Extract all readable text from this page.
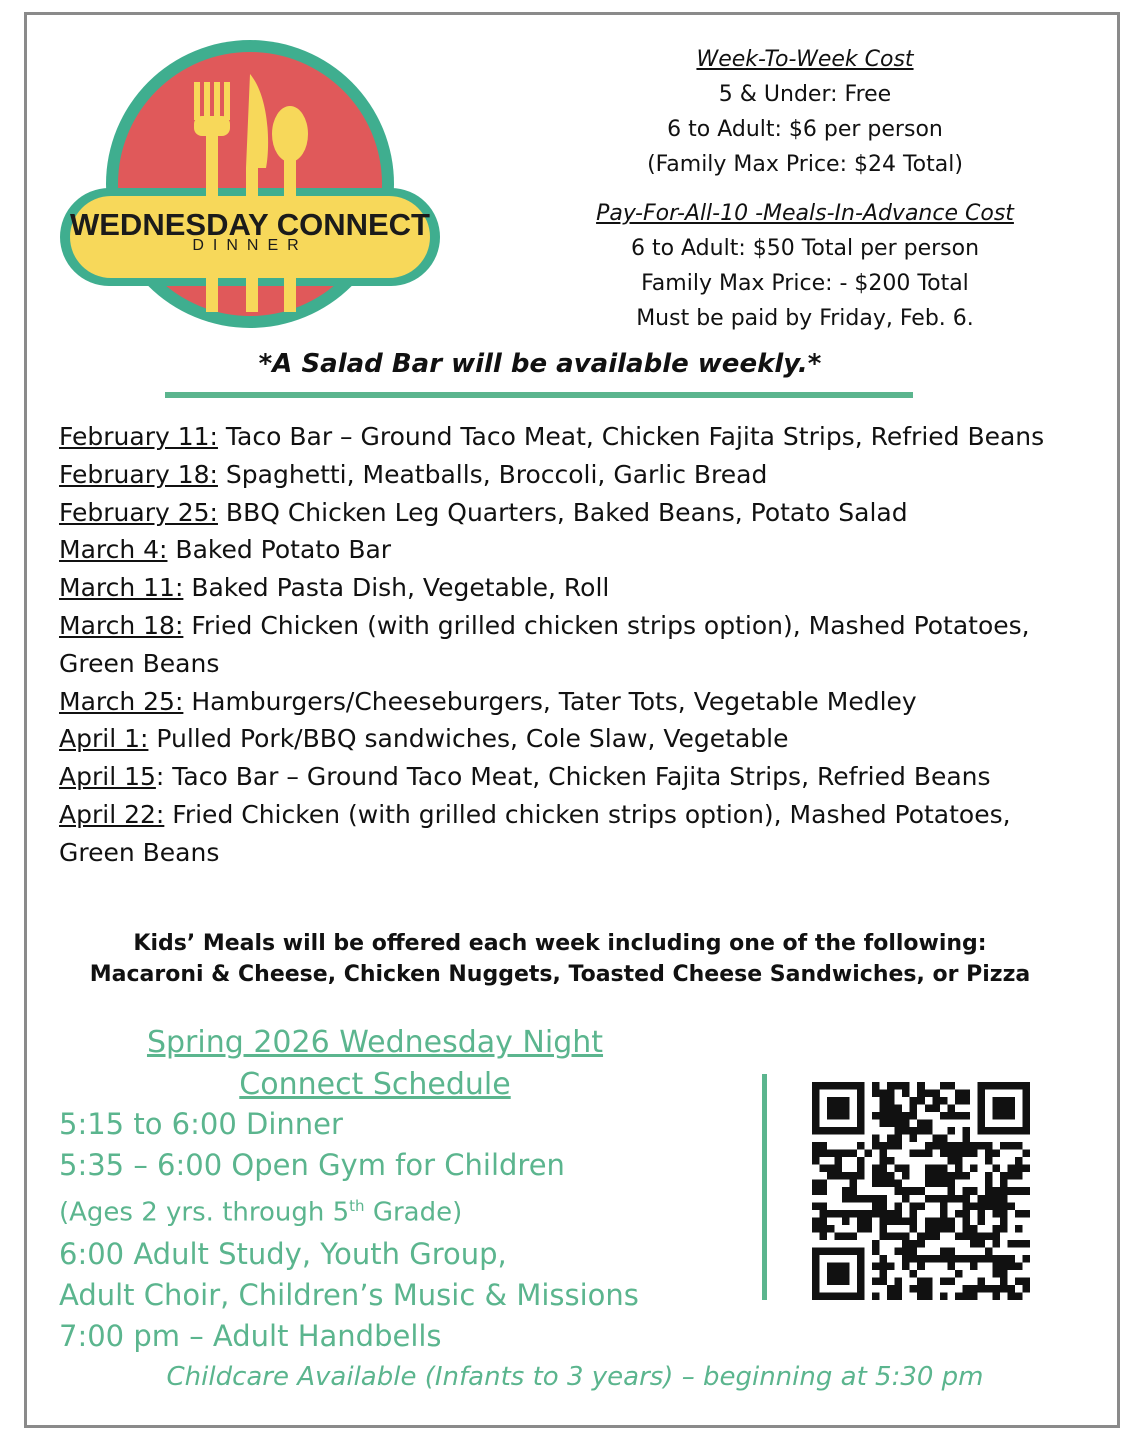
WEDNESDAY CONNECT
DINNER
Week-To-Week Cost
5 & Under: Free
6 to Adult: $6 per person
(Family Max Price: $24 Total)
Pay-For-All-10 -Meals-In-Advance Cost
6 to Adult: $50 Total per person
Family Max Price: - $200 Total
Must be paid by Friday, Feb. 6.
*A Salad Bar will be available weekly.*

February 11: Taco Bar – Ground Taco Meat, Chicken Fajita Strips, Refried Beans

February 18: Spaghetti, Meatballs, Broccoli, Garlic Bread

February 25: BBQ Chicken Leg Quarters, Baked Beans, Potato Salad

March 4: Baked Potato Bar

March 11: Baked Pasta Dish, Vegetable, Roll

March 18: Fried Chicken (with grilled chicken strips option), Mashed Potatoes, Green Beans

March 25: Hamburgers/Cheeseburgers, Tater Tots, Vegetable Medley

April 1: Pulled Pork/BBQ sandwiches, Cole Slaw, Vegetable

April 15: Taco Bar – Ground Taco Meat, Chicken Fajita Strips, Refried Beans

April 22: Fried Chicken (with grilled chicken strips option), Mashed Potatoes, Green Beans

Kids’ Meals will be offered each week including one of the following:
Macaroni & Cheese, Chicken Nuggets, Toasted Cheese Sandwiches, or Pizza
Spring 2026 Wednesday Night
Connect Schedule
5:15 to 6:00 Dinner
5:35 – 6:00 Open Gym for Children
(Ages 2 yrs. through 5th Grade)
6:00 Adult Study, Youth Group,
Adult Choir, Children’s Music & Missions
7:00 pm – Adult Handbells
Childcare Available (Infants to 3 years) – beginning at 5:30 pm
